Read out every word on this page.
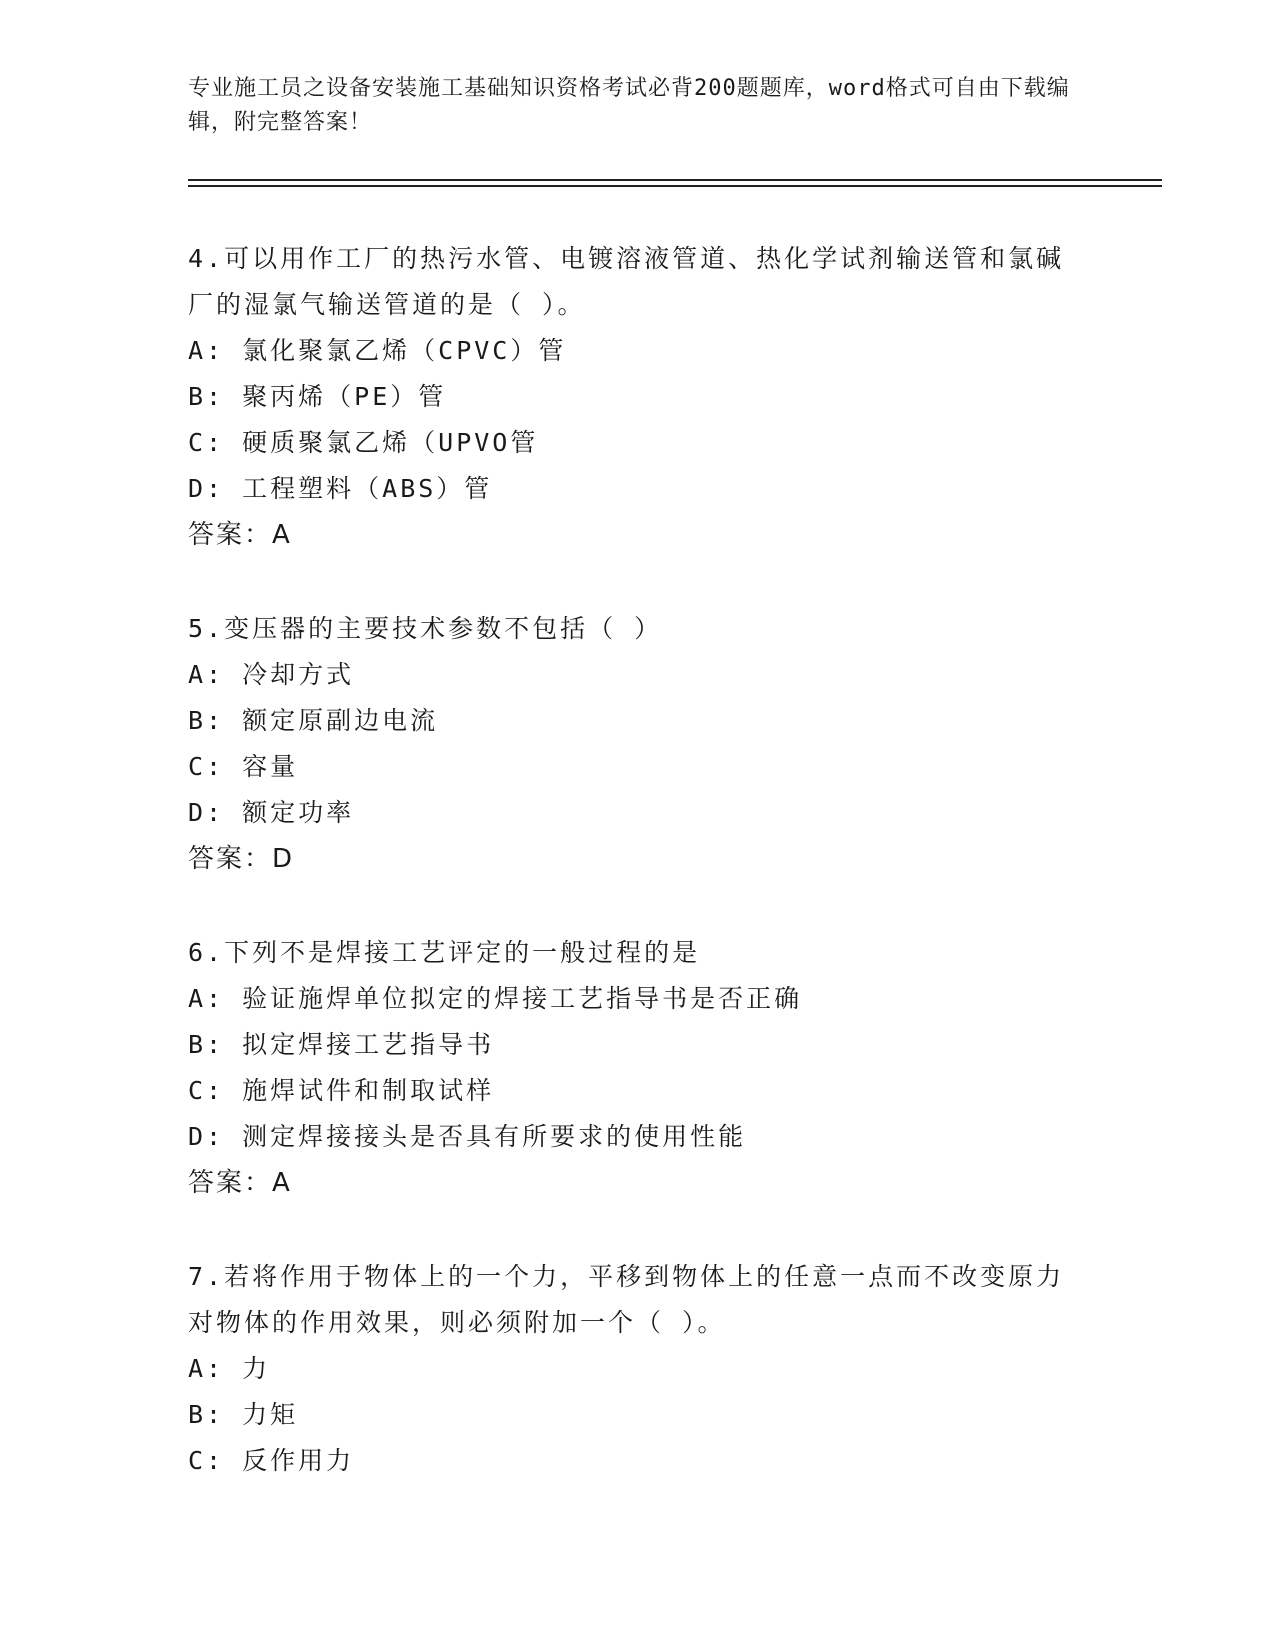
专业施工员之设备安装施工基础知识资格考试必背200题题库，word格式可自由下载编辑，附完整答案！
4.可以用作工厂的热污水管、电镀溶液管道、热化学试剂输送管和氯碱厂的湿氯气输送管道的是（ ）。
A: 氯化聚氯乙烯（CPVC）管
B: 聚丙烯（PE）管
C: 硬质聚氯乙烯（UPVO管
D: 工程塑料（ABS）管
答案：A
5.变压器的主要技术参数不包括（ ）
A: 冷却方式
B: 额定原副边电流
C: 容量
D: 额定功率
答案：D
6.下列不是焊接工艺评定的一般过程的是
A: 验证施焊单位拟定的焊接工艺指导书是否正确
B: 拟定焊接工艺指导书
C: 施焊试件和制取试样
D: 测定焊接接头是否具有所要求的使用性能
答案：A
7.若将作用于物体上的一个力，平移到物体上的任意一点而不改变原力对物体的作用效果，则必须附加一个（ ）。
A: 力
B: 力矩
C: 反作用力
